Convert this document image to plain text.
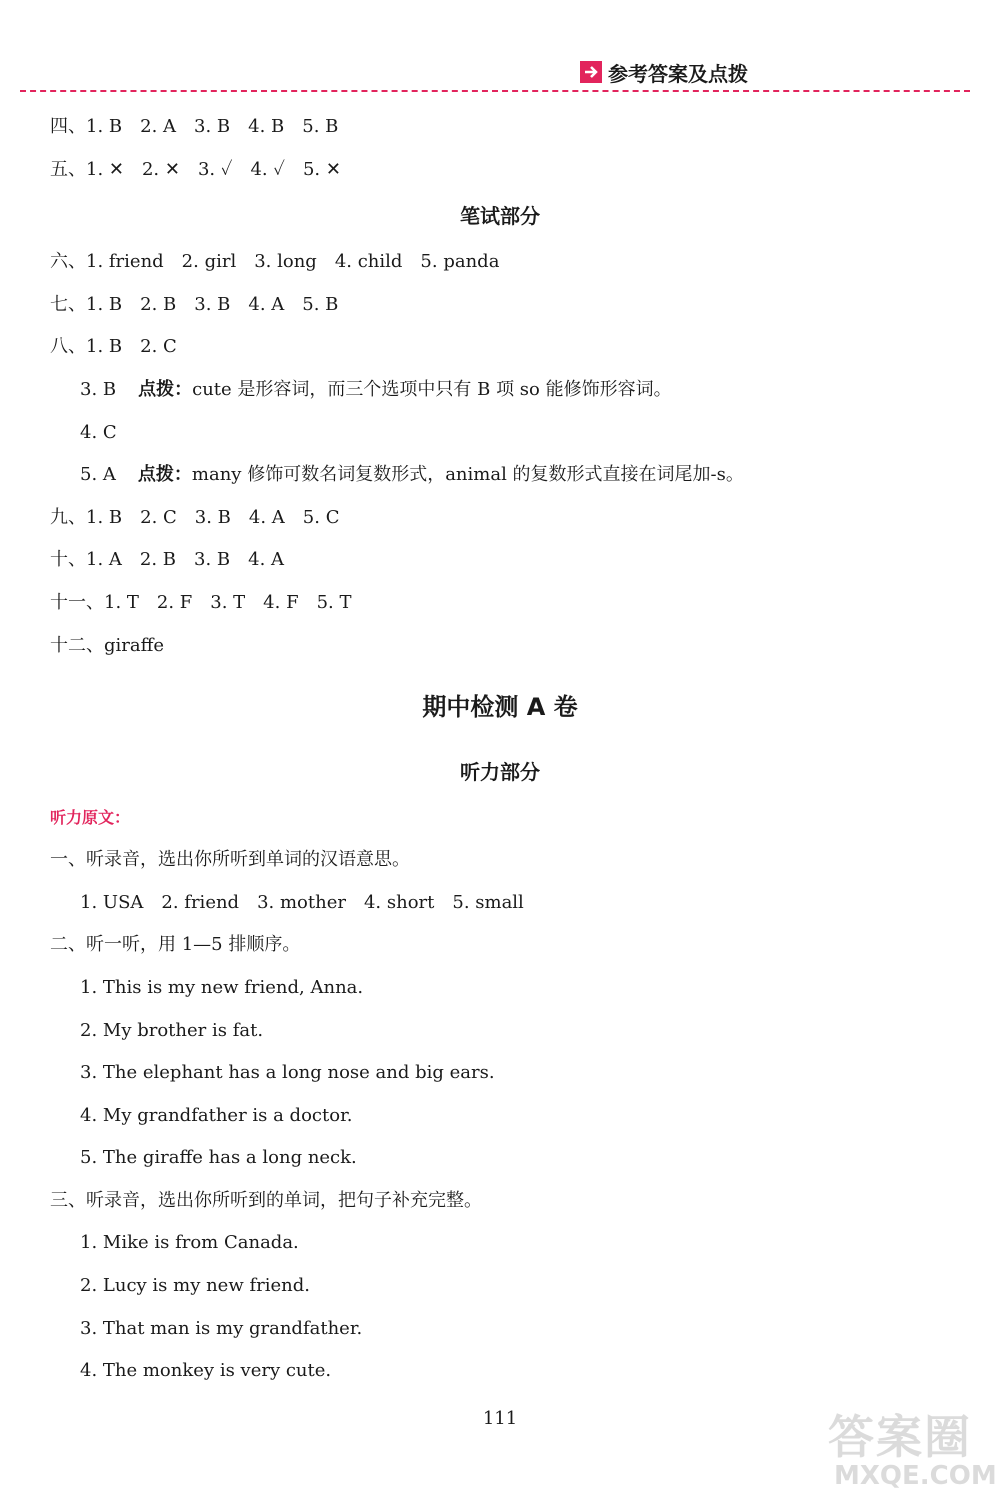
参考答案及点拨
四、1. B　2. A　3. B　4. B　5. B
五、1. ✕　2. ✕　3. ✓　4. ✓　5. ✕
笔试部分
六、1. friend　2. girl　3. long　4. child　5. panda
七、1. B　2. B　3. B　4. A　5. B
八、1. B　2. C
3. B 点拨：cute 是形容词，而三个选项中只有 B 项 so 能修饰形容词。
4. C
5. A 点拨：many 修饰可数名词复数形式，animal 的复数形式直接在词尾加-s。
九、1. B　2. C　3. B　4. A　5. C
十、1. A　2. B　3. B　4. A
十一、1. T　2. F　3. T　4. F　5. T
十二、giraffe
期中检测 A 卷
听力部分
听力原文：
一、听录音，选出你所听到单词的汉语意思。
1. USA　2. friend　3. mother　4. short　5. small
二、听一听，用 1—5 排顺序。
1. This is my new friend, Anna.
2. My brother is fat.
3. The elephant has a long nose and big ears.
4. My grandfather is a doctor.
5. The giraffe has a long neck.
三、听录音，选出你所听到的单词，把句子补充完整。
1. Mike is from Canada.
2. Lucy is my new friend.
3. That man is my grandfather.
4. The monkey is very cute.
111	答案圈
MXQE.COM
